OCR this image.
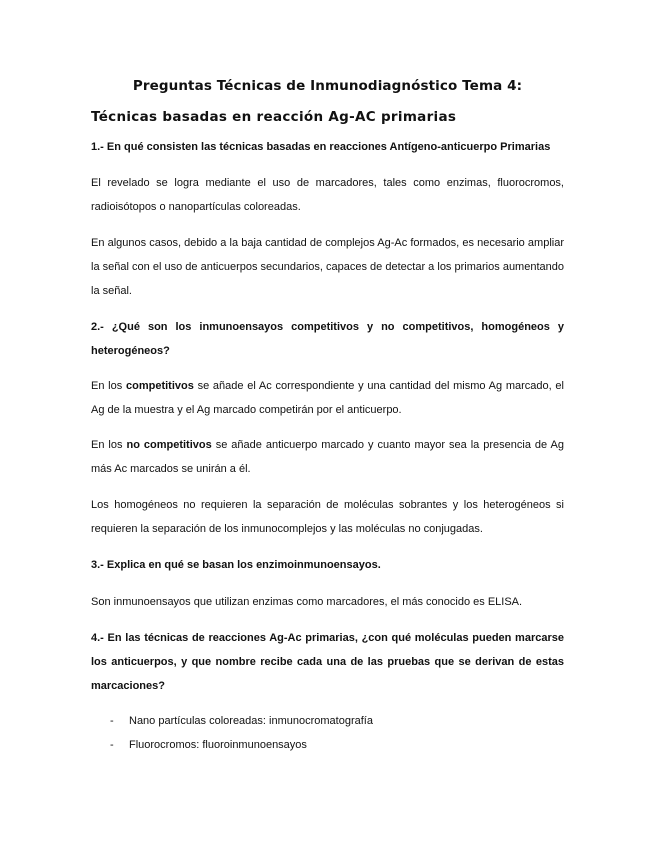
Preguntas Técnicas de Inmunodiagnóstico Tema 4:
Técnicas basadas en reacción Ag-AC primarias
1.- En qué consisten las técnicas basadas en reacciones Antígeno-anticuerpo Primarias
El revelado se logra mediante el uso de marcadores, tales como enzimas, fluorocromos, radioisótopos o nanopartículas coloreadas.
En algunos casos, debido a la baja cantidad de complejos Ag-Ac formados, es necesario ampliar la señal con el uso de anticuerpos secundarios, capaces de detectar a los primarios aumentando la señal.
2.- ¿Qué son los inmunoensayos competitivos y no competitivos, homogéneos y heterogéneos?
En los competitivos se añade el Ac correspondiente y una cantidad del mismo Ag marcado, el Ag de la muestra y el Ag marcado competirán por el anticuerpo.
En los no competitivos se añade anticuerpo marcado y cuanto mayor sea la presencia de Ag más Ac marcados se unirán a él.
Los homogéneos no requieren la separación de moléculas sobrantes y los heterogéneos si requieren la separación de los inmunocomplejos y las moléculas no conjugadas.
3.- Explica en qué se basan los enzimoinmunoensayos.
Son inmunoensayos que utilizan enzimas como marcadores, el más conocido es ELISA.
4.- En las técnicas de reacciones Ag-Ac primarias, ¿con qué moléculas pueden marcarse los anticuerpos, y que nombre recibe cada una de las pruebas que se derivan de estas marcaciones?
- Nano partículas coloreadas: inmunocromatografía
- Fluorocromos: fluoroinmunoensayos
